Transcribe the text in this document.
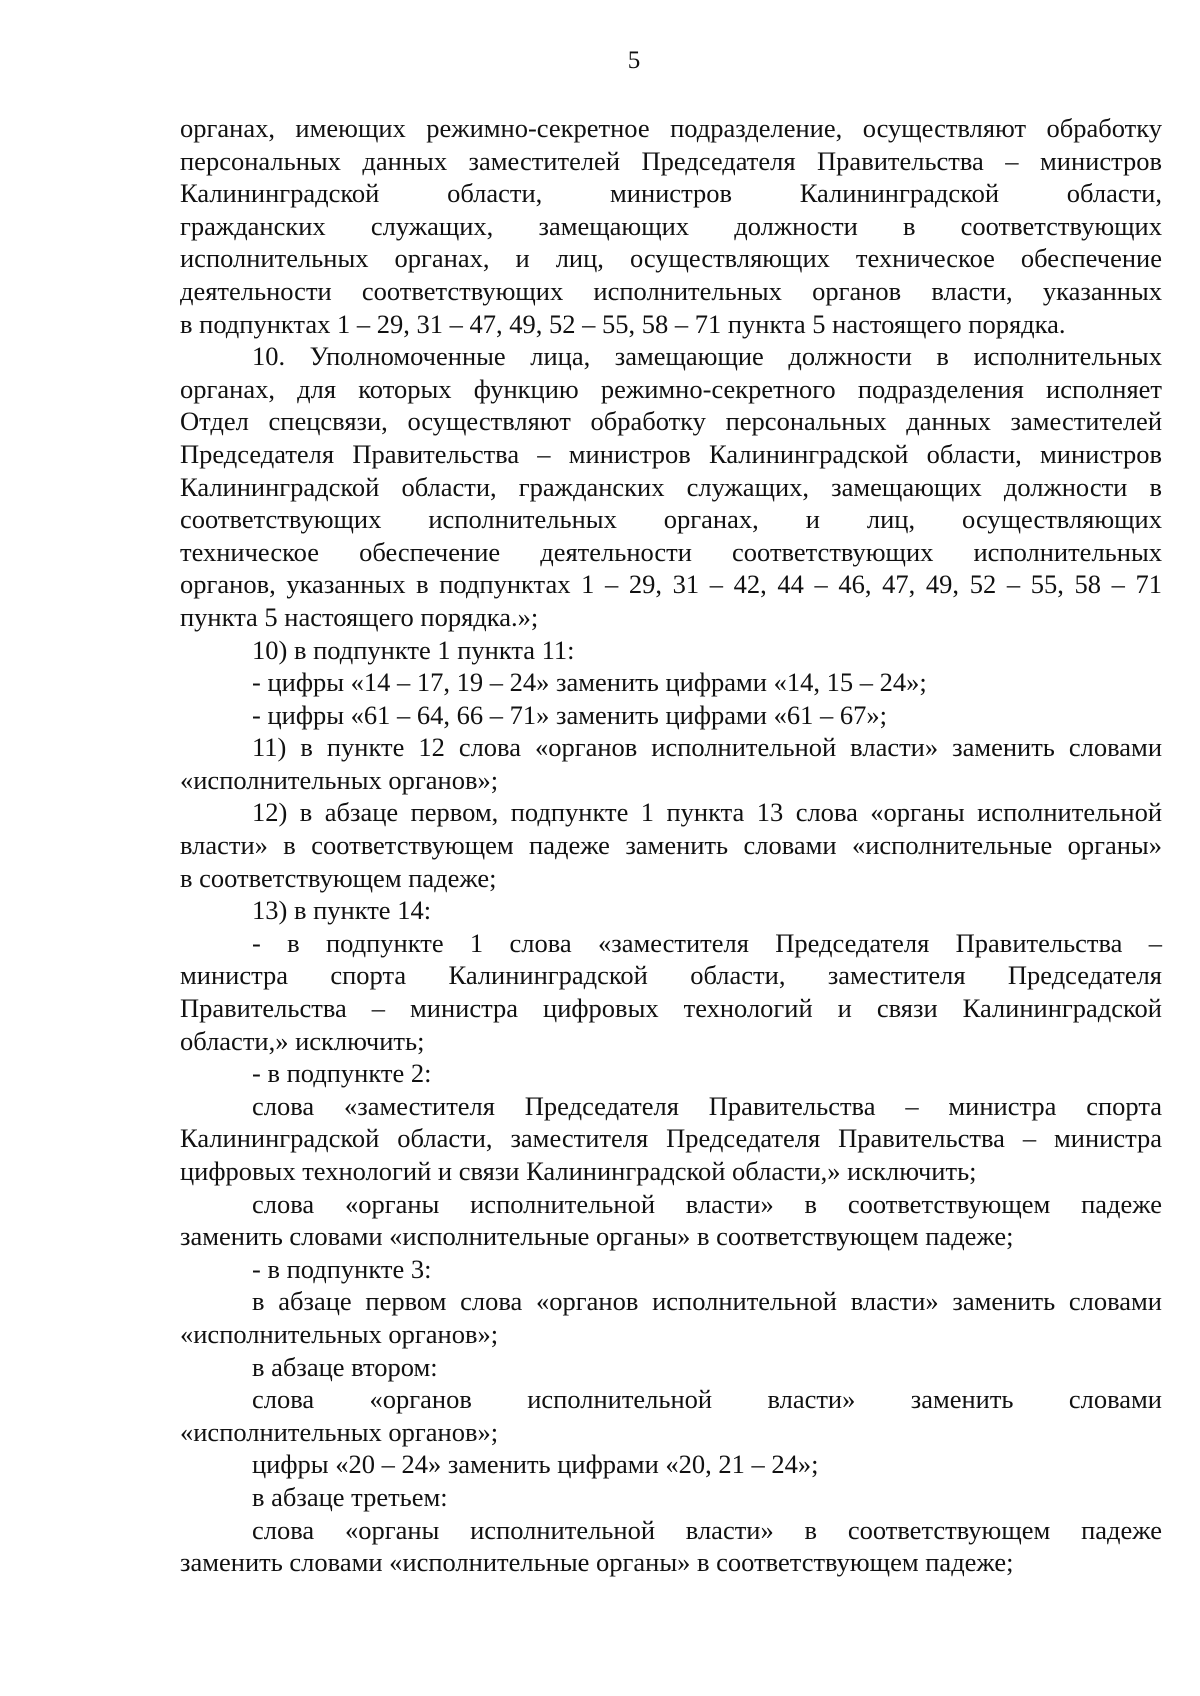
5
органах, имеющих режимно-секретное подразделение, осуществляют обработку
персональных данных заместителей Председателя Правительства – министров
Калининградской области, министров Калининградской области,
гражданских служащих, замещающих должности в соответствующих
исполнительных органах, и лиц, осуществляющих техническое обеспечение
деятельности соответствующих исполнительных органов власти, указанных
в подпунктах 1 – 29, 31 – 47, 49, 52 – 55, 58 – 71 пункта 5 настоящего порядка.
10. Уполномоченные лица, замещающие должности в исполнительных
органах, для которых функцию режимно-секретного подразделения исполняет
Отдел спецсвязи, осуществляют обработку персональных данных заместителей
Председателя Правительства – министров Калининградской области, министров
Калининградской области, гражданских служащих, замещающих должности в
соответствующих исполнительных органах, и лиц, осуществляющих
техническое обеспечение деятельности соответствующих исполнительных
органов, указанных в подпунктах 1 – 29, 31 – 42, 44 – 46, 47, 49, 52 – 55, 58 – 71
пункта 5 настоящего порядка.»;
10) в подпункте 1 пункта 11:
- цифры «14 – 17, 19 – 24» заменить цифрами «14, 15 – 24»;
- цифры «61 – 64, 66 – 71» заменить цифрами «61 – 67»;
11) в пункте 12 слова «органов исполнительной власти» заменить словами
«исполнительных органов»;
12) в абзаце первом, подпункте 1 пункта 13 слова «органы исполнительной
власти» в соответствующем падеже заменить словами «исполнительные органы»
в соответствующем падеже;
13) в пункте 14:
- в подпункте 1 слова «заместителя Председателя Правительства –
министра спорта Калининградской области, заместителя Председателя
Правительства – министра цифровых технологий и связи Калининградской
области,» исключить;
- в подпункте 2:
слова «заместителя Председателя Правительства – министра спорта
Калининградской области, заместителя Председателя Правительства – министра
цифровых технологий и связи Калининградской области,» исключить;
слова «органы исполнительной власти» в соответствующем падеже
заменить словами «исполнительные органы» в соответствующем падеже;
- в подпункте 3:
в абзаце первом слова «органов исполнительной власти» заменить словами
«исполнительных органов»;
в абзаце втором:
слова «органов исполнительной власти» заменить словами
«исполнительных органов»;
цифры «20 – 24» заменить цифрами «20, 21 – 24»;
в абзаце третьем:
слова «органы исполнительной власти» в соответствующем падеже
заменить словами «исполнительные органы» в соответствующем падеже;
